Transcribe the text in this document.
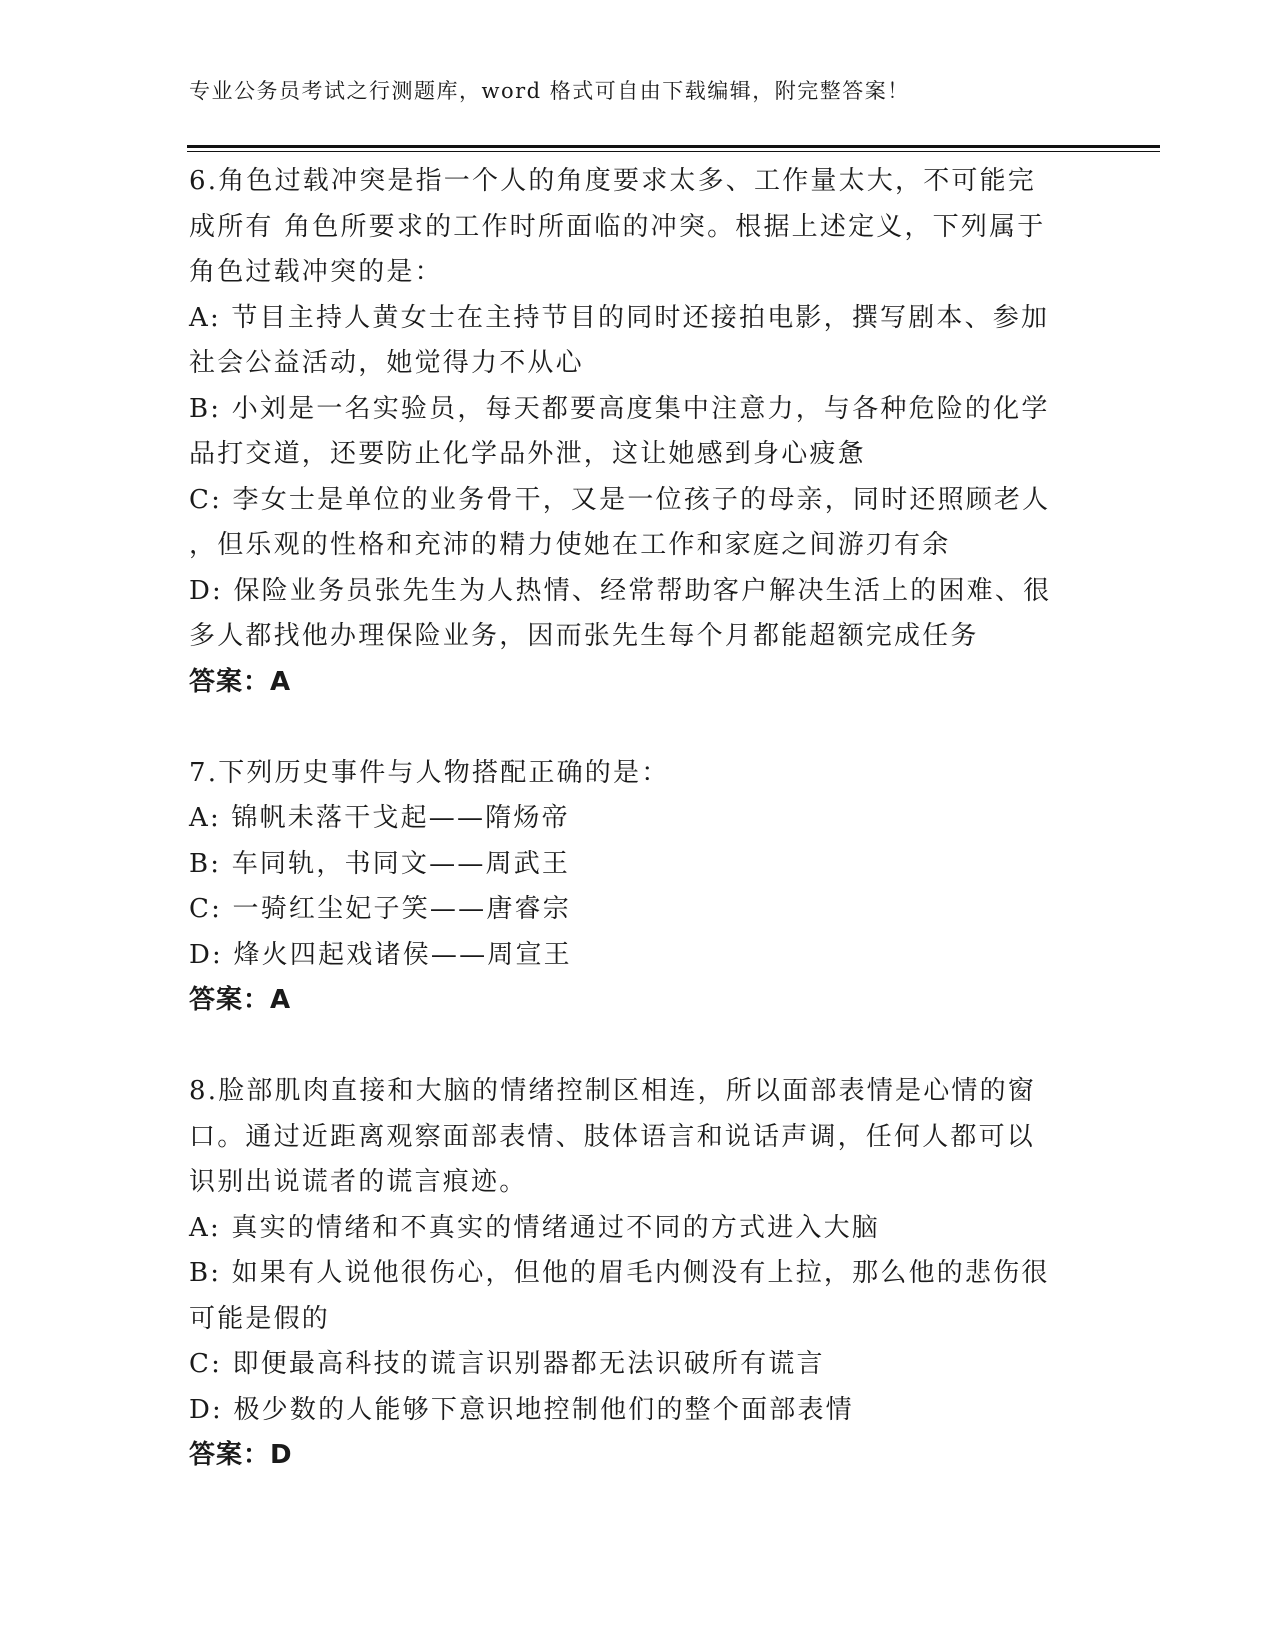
专业公务员考试之行测题库，word 格式可自由下载编辑，附完整答案！
6.角色过载冲突是指一个人的角度要求太多、工作量太大，不可能完
成所有 角色所要求的工作时所面临的冲突。根据上述定义，下列属于
角色过载冲突的是：
A: 节目主持人黄女士在主持节目的同时还接拍电影，撰写剧本、参加
社会公益活动，她觉得力不从心
B: 小刘是一名实验员，每天都要高度集中注意力，与各种危险的化学
品打交道，还要防止化学品外泄，这让她感到身心疲惫
C: 李女士是单位的业务骨干，又是一位孩子的母亲，同时还照顾老人
，但乐观的性格和充沛的精力使她在工作和家庭之间游刃有余
D: 保险业务员张先生为人热情、经常帮助客户解决生活上的困难、很
多人都找他办理保险业务，因而张先生每个月都能超额完成任务
答案：A
7.下列历史事件与人物搭配正确的是：
A: 锦帆未落干戈起——隋炀帝
B: 车同轨，书同文——周武王
C: 一骑红尘妃子笑——唐睿宗
D: 烽火四起戏诸侯——周宣王
答案：A
8.脸部肌肉直接和大脑的情绪控制区相连，所以面部表情是心情的窗
口。通过近距离观察面部表情、肢体语言和说话声调，任何人都可以
识别出说谎者的谎言痕迹。
A: 真实的情绪和不真实的情绪通过不同的方式进入大脑
B: 如果有人说他很伤心，但他的眉毛内侧没有上拉，那么他的悲伤很
可能是假的
C: 即便最高科技的谎言识别器都无法识破所有谎言
D: 极少数的人能够下意识地控制他们的整个面部表情
答案：D
